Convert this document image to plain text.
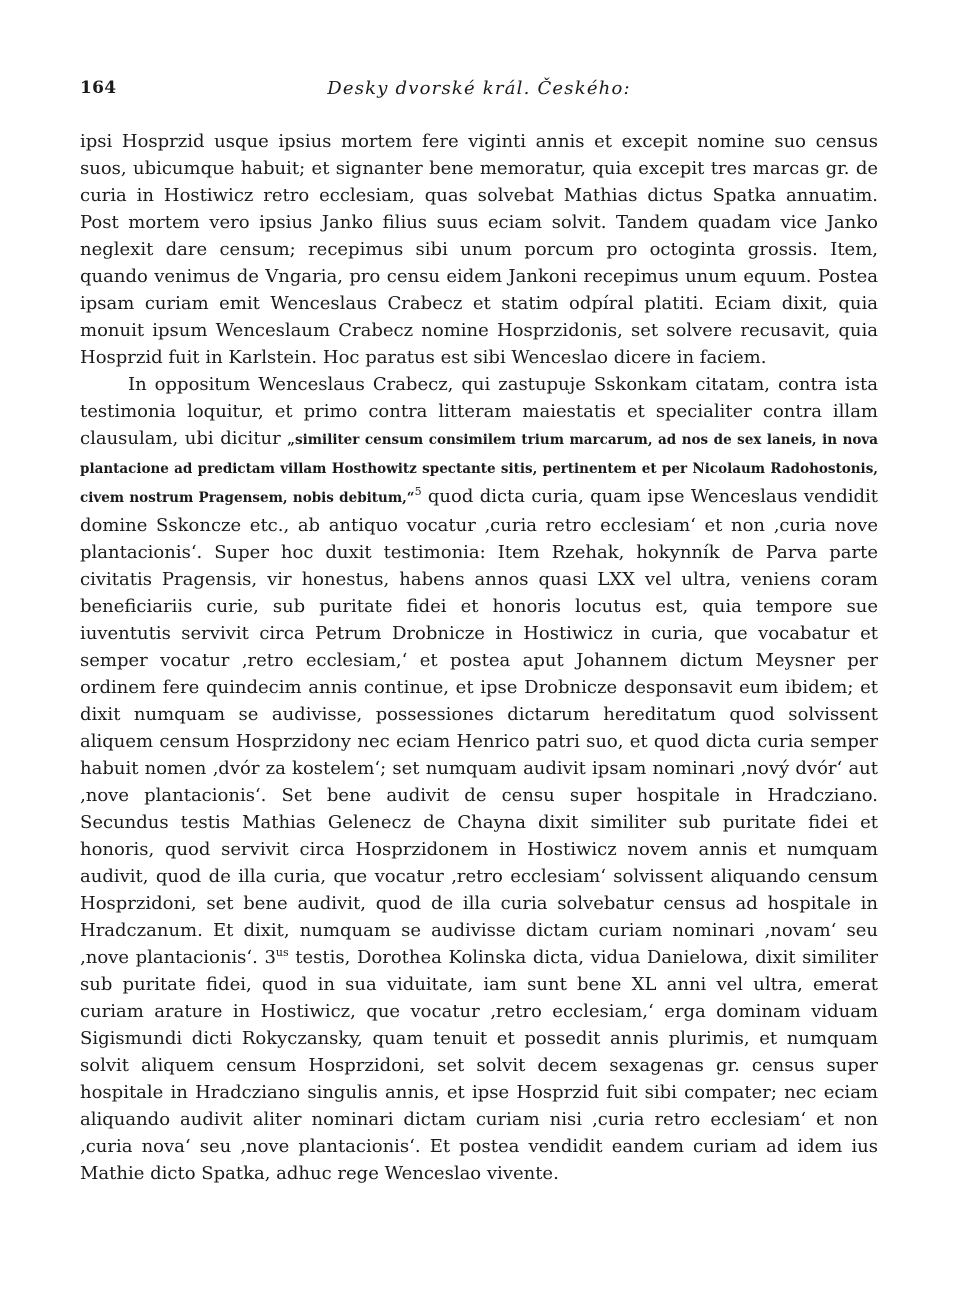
164	Desky dvorské král. Českého:

ipsi Hosprzid usque ipsius mortem fere viginti annis et excepit nomine suo census suos, ubicumque habuit; et signanter bene memoratur, quia excepit tres marcas gr. de curia in Hostiwicz retro ecclesiam, quas solvebat Mathias dictus Spatka annuatim. Post mortem vero ipsius Janko filius suus eciam solvit. Tandem quadam vice Janko neglexit dare censum; recepimus sibi unum porcum pro octoginta grossis. Item, quando venimus de Vngaria, pro censu eidem Jankoni recepimus unum equum. Postea ipsam curiam emit Wenceslaus Crabecz et statim odpíral platiti. Eciam dixit, quia monuit ipsum Wenceslaum Crabecz nomine Hosprzidonis, set solvere recusavit, quia Hosprzid fuit in Karlstein. Hoc paratus est sibi Wenceslao dicere in faciem.

In oppositum Wenceslaus Crabecz, qui zastupuje Sskonkam citatam, contra ista testimonia loquitur, et primo contra litteram maiestatis et specialiter contra illam clausulam, ubi dicitur „similiter censum consimilem trium marcarum, ad nos de sex laneis, in nova plantacione ad predictam villam Hosthowitz spectante sitis, pertinentem et per Nicolaum Radohostonis, civem nostrum Pragensem, nobis debitum,“$^5$ quod dicta curia, quam ipse Wenceslaus vendidit domine Sskoncze etc., ab antiquo vocatur ‚curia retro ecclesiam‘ et non ‚curia nove plantacionis‘. Super hoc duxit testimonia: Item Rzehak, hokynník de Parva parte civitatis Pragensis, vir honestus, habens annos quasi LXX vel ultra, veniens coram beneficiariis curie, sub puritate fidei et honoris locutus est, quia tempore sue iuventutis servivit circa Petrum Drobnicze in Hostiwicz in curia, que vocabatur et semper vocatur ‚retro ecclesiam,‘ et postea aput Johannem dictum Meysner per ordinem fere quindecim annis continue, et ipse Drobnicze desponsavit eum ibidem; et dixit numquam se audivisse, possessiones dictarum hereditatum quod solvissent aliquem censum Hosprzidony nec eciam Henrico patri suo, et quod dicta curia semper habuit nomen ‚dvór za kostelem‘; set numquam audivit ipsam nominari ‚nový dvór‘ aut ‚nove plantacionis‘. Set bene audivit de censu super hospitale in Hradcziano. Secundus testis Mathias Gelenecz de Chayna dixit similiter sub puritate fidei et honoris, quod servivit circa Hosprzidonem in Hostiwicz novem annis et numquam audivit, quod de illa curia, que vocatur ‚retro ecclesiam‘ solvissent aliquando censum Hosprzidoni, set bene audivit, quod de illa curia solvebatur census ad hospitale in Hradczanum. Et dixit, numquam se audivisse dictam curiam nominari ‚novam‘ seu ‚nove plantacionis‘. $3^{us}$ testis, Dorothea Kolinska dicta, vidua Danielowa, dixit similiter sub puritate fidei, quod in sua viduitate, iam sunt bene XL anni vel ultra, emerat curiam arature in Hostiwicz, que vocatur ‚retro ecclesiam,‘ erga dominam viduam Sigismundi dicti Rokyczansky, quam tenuit et possedit annis plurimis, et numquam solvit aliquem censum Hosprzidoni, set solvit decem sexagenas gr. census super hospitale in Hradcziano singulis annis, et ipse Hosprzid fuit sibi compater; nec eciam aliquando audivit aliter nominari dictam curiam nisi ‚curia retro ecclesiam‘ et non ‚curia nova‘ seu ‚nove plantacionis‘. Et postea vendidit eandem curiam ad idem ius Mathie dicto Spatka, adhuc rege Wenceslao vivente.
